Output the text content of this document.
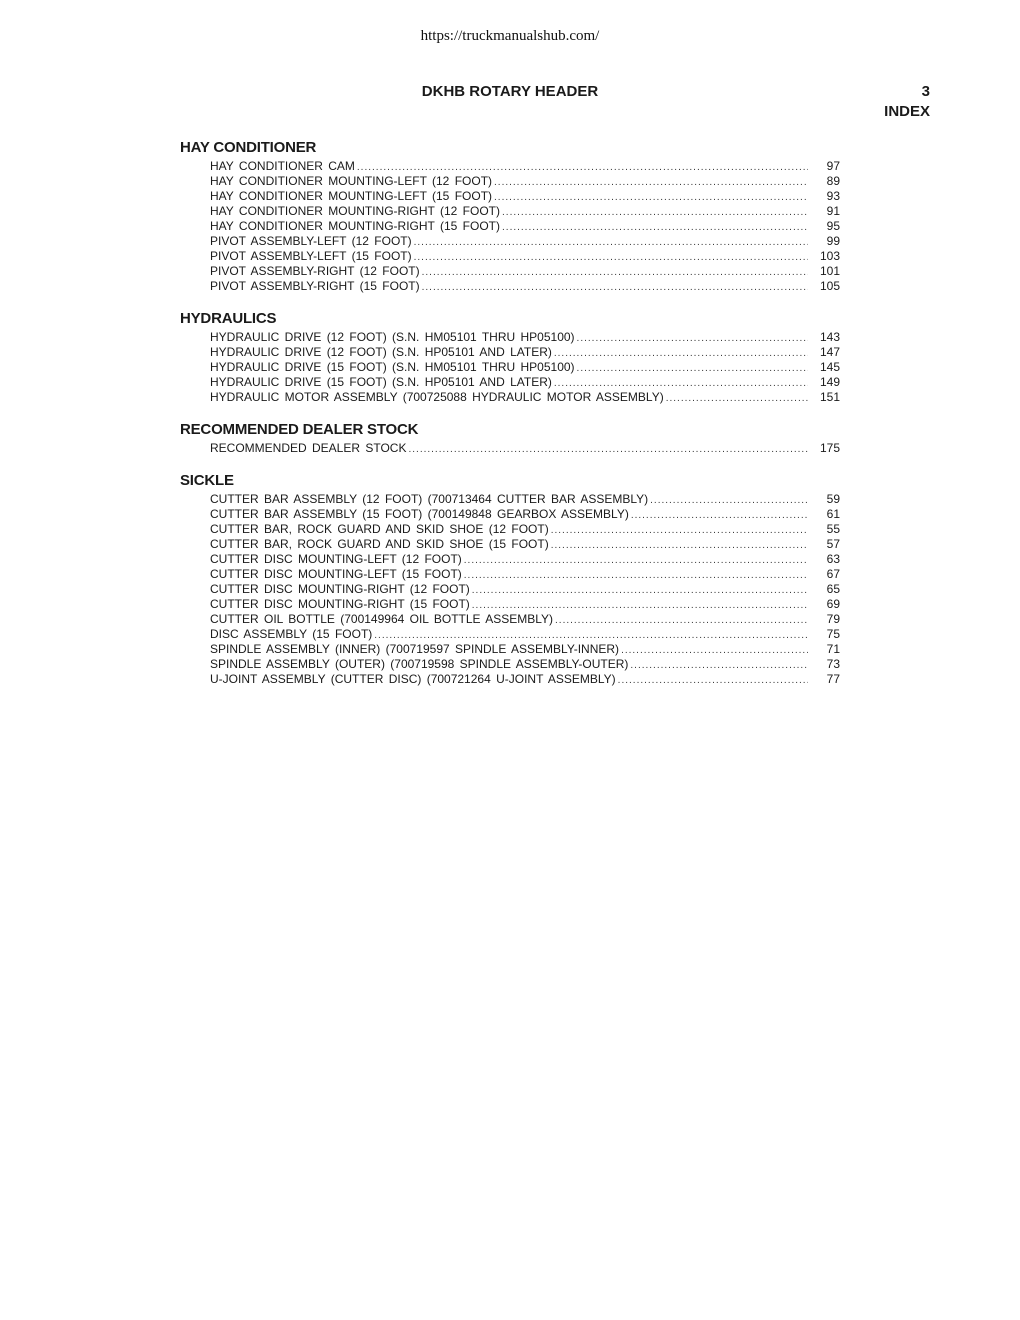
https://truckmanualshub.com/
DKHB ROTARY HEADER	3
INDEX
HAY CONDITIONER
HAY CONDITIONER CAM .....	97
HAY CONDITIONER MOUNTING-LEFT (12 FOOT) .....	89
HAY CONDITIONER MOUNTING-LEFT (15 FOOT) .....	93
HAY CONDITIONER MOUNTING-RIGHT (12 FOOT) .....	91
HAY CONDITIONER MOUNTING-RIGHT (15 FOOT) .....	95
PIVOT ASSEMBLY-LEFT (12 FOOT) .....	99
PIVOT ASSEMBLY-LEFT (15 FOOT) .....	103
PIVOT ASSEMBLY-RIGHT (12 FOOT) .....	101
PIVOT ASSEMBLY-RIGHT (15 FOOT) .....	105
HYDRAULICS
HYDRAULIC DRIVE (12 FOOT) (S.N. HM05101 THRU HP05100) .....	143
HYDRAULIC DRIVE (12 FOOT) (S.N. HP05101 AND LATER) .....	147
HYDRAULIC DRIVE (15 FOOT) (S.N. HM05101 THRU HP05100) .....	145
HYDRAULIC DRIVE (15 FOOT) (S.N. HP05101 AND LATER) .....	149
HYDRAULIC MOTOR ASSEMBLY (700725088 HYDRAULIC MOTOR ASSEMBLY) .....	151
RECOMMENDED DEALER STOCK
RECOMMENDED DEALER STOCK .....	175
SICKLE
CUTTER BAR ASSEMBLY (12 FOOT) (700713464 CUTTER BAR ASSEMBLY) .....	59
CUTTER BAR ASSEMBLY (15 FOOT) (700149848 GEARBOX ASSEMBLY) .....	61
CUTTER BAR, ROCK GUARD AND SKID SHOE (12 FOOT) .....	55
CUTTER BAR, ROCK GUARD AND SKID SHOE (15 FOOT) .....	57
CUTTER DISC MOUNTING-LEFT (12 FOOT) .....	63
CUTTER DISC MOUNTING-LEFT (15 FOOT) .....	67
CUTTER DISC MOUNTING-RIGHT (12 FOOT) .....	65
CUTTER DISC MOUNTING-RIGHT (15 FOOT) .....	69
CUTTER OIL BOTTLE (700149964 OIL BOTTLE ASSEMBLY) .....	79
DISC ASSEMBLY (15 FOOT) .....	75
SPINDLE ASSEMBLY (INNER) (700719597 SPINDLE ASSEMBLY-INNER) .....	71
SPINDLE ASSEMBLY (OUTER) (700719598 SPINDLE ASSEMBLY-OUTER) .....	73
U-JOINT ASSEMBLY (CUTTER DISC) (700721264 U-JOINT ASSEMBLY) .....	77
